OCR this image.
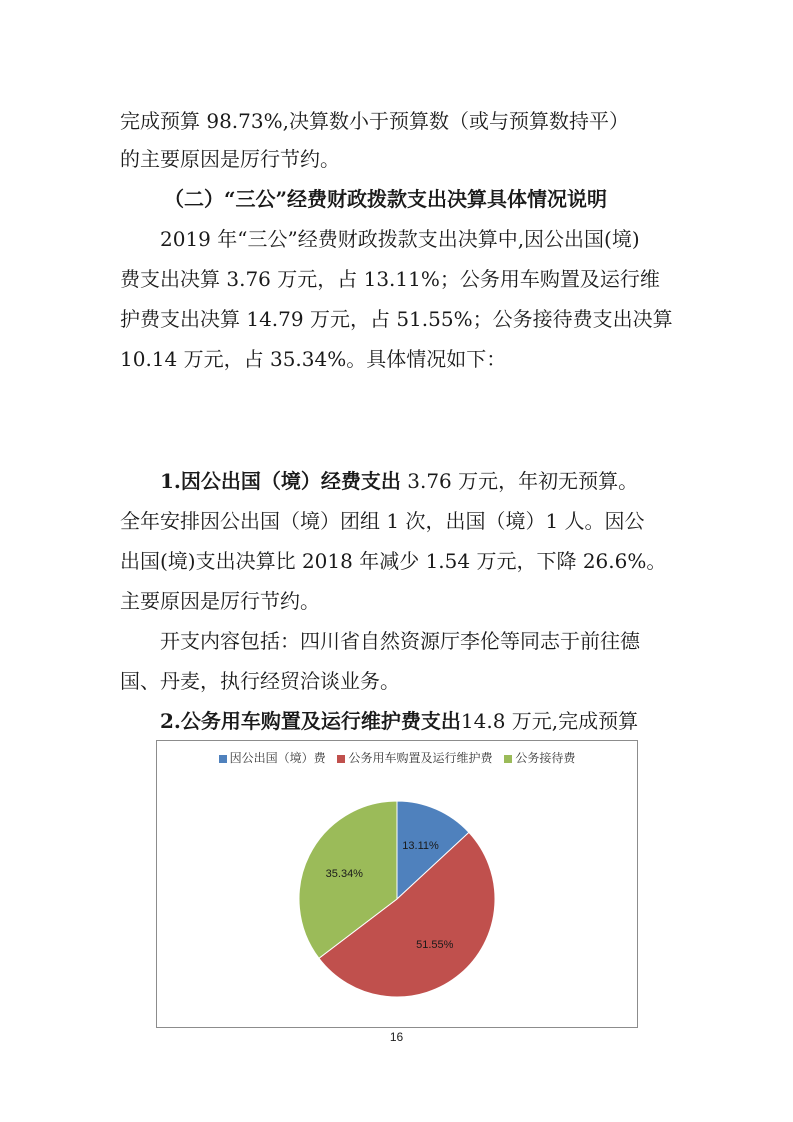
完成预算 98.73%,决算数小于预算数（或与预算数持平）
的主要原因是厉行节约。
（二）“三公”经费财政拨款支出决算具体情况说明
2019 年“三公”经费财政拨款支出决算中,因公出国(境)
费支出决算 3.76 万元，占 13.11%；公务用车购置及运行维
护费支出决算 14.79 万元，占 51.55%；公务接待费支出决算
10.14 万元，占 35.34%。具体情况如下：
1.因公出国（境）经费支出 3.76 万元，年初无预算。
全年安排因公出国（境）团组 1 次，出国（境）1 人。因公
出国(境)支出决算比 2018 年减少 1.54 万元，下降 26.6%。
主要原因是厉行节约。
开支内容包括：四川省自然资源厅李伦等同志于前往德
国、丹麦，执行经贸洽谈业务。
2.公务用车购置及运行维护费支出14.8 万元,完成预算
因公出国（境）费 公务用车购置及运行维护费 公务接待费
13.11%
51.55%
35.34%
16
